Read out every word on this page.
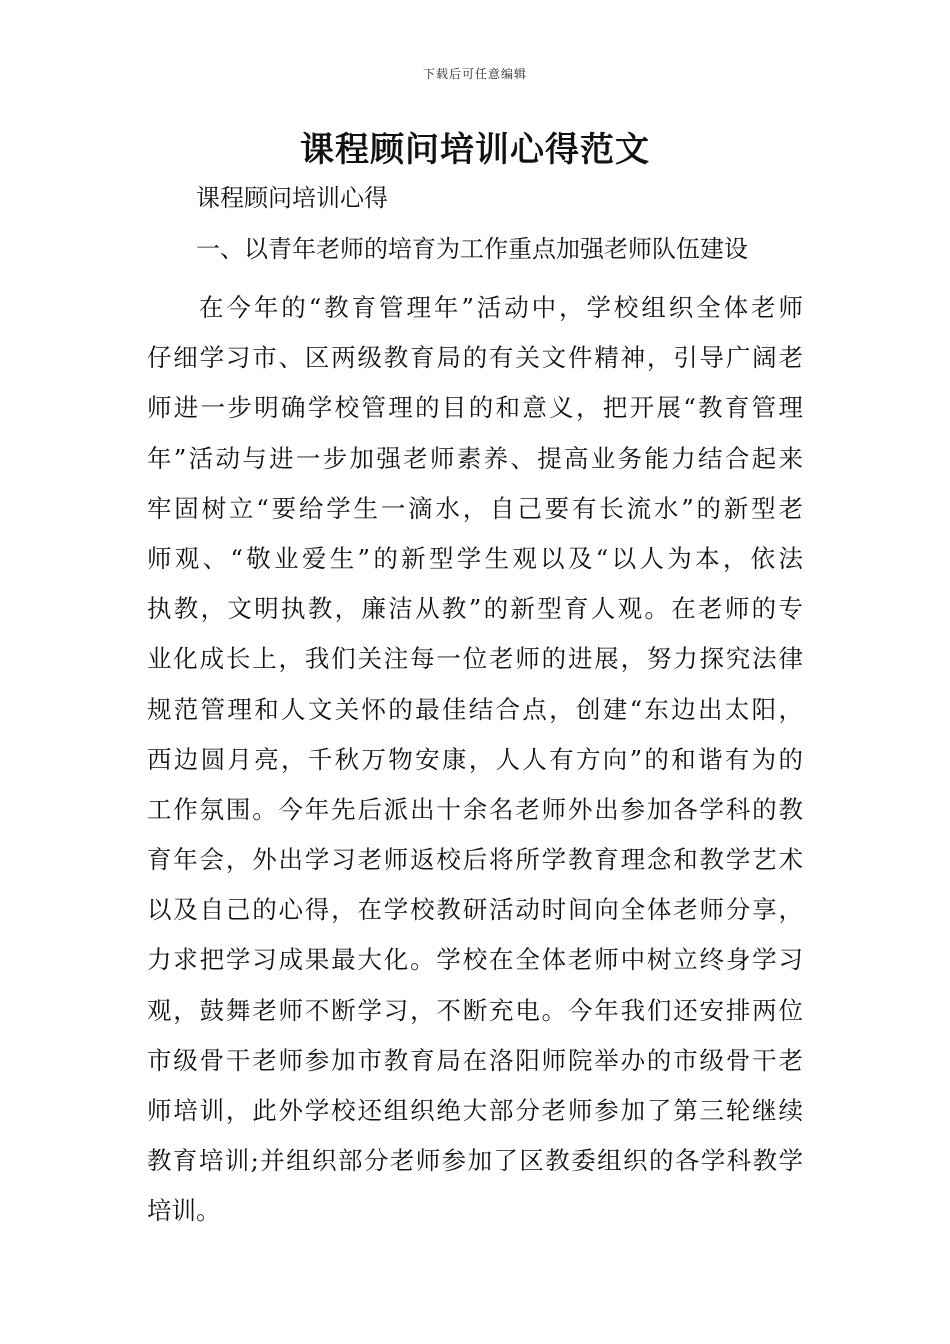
下载后可任意编辑
课程顾问培训心得范文

课程顾问培训心得

一、以青年老师的培育为工作重点加强老师队伍建设

在今年的“教育管理年”活动中，学校组织全体老师
仔细学习市、区两级教育局的有关文件精神，引导广阔老
师进一步明确学校管理的目的和意义，把开展“教育管理
年”活动与进一步加强老师素养、提高业务能力结合起来
牢固树立“要给学生一滴水，自己要有长流水”的新型老
师观、“敬业爱生”的新型学生观以及“以人为本，依法
执教，文明执教，廉洁从教”的新型育人观。在老师的专
业化成长上，我们关注每一位老师的进展，努力探究法律
规范管理和人文关怀的最佳结合点，创建“东边出太阳，
西边圆月亮，千秋万物安康，人人有方向”的和谐有为的
工作氛围。今年先后派出十余名老师外出参加各学科的教
育年会，外出学习老师返校后将所学教育理念和教学艺术
以及自己的心得，在学校教研活动时间向全体老师分享，
力求把学习成果最大化。学校在全体老师中树立终身学习
观，鼓舞老师不断学习，不断充电。今年我们还安排两位
市级骨干老师参加市教育局在洛阳师院举办的市级骨干老
师培训，此外学校还组织绝大部分老师参加了第三轮继续
教育培训;并组织部分老师参加了区教委组织的各学科教学
培训。
